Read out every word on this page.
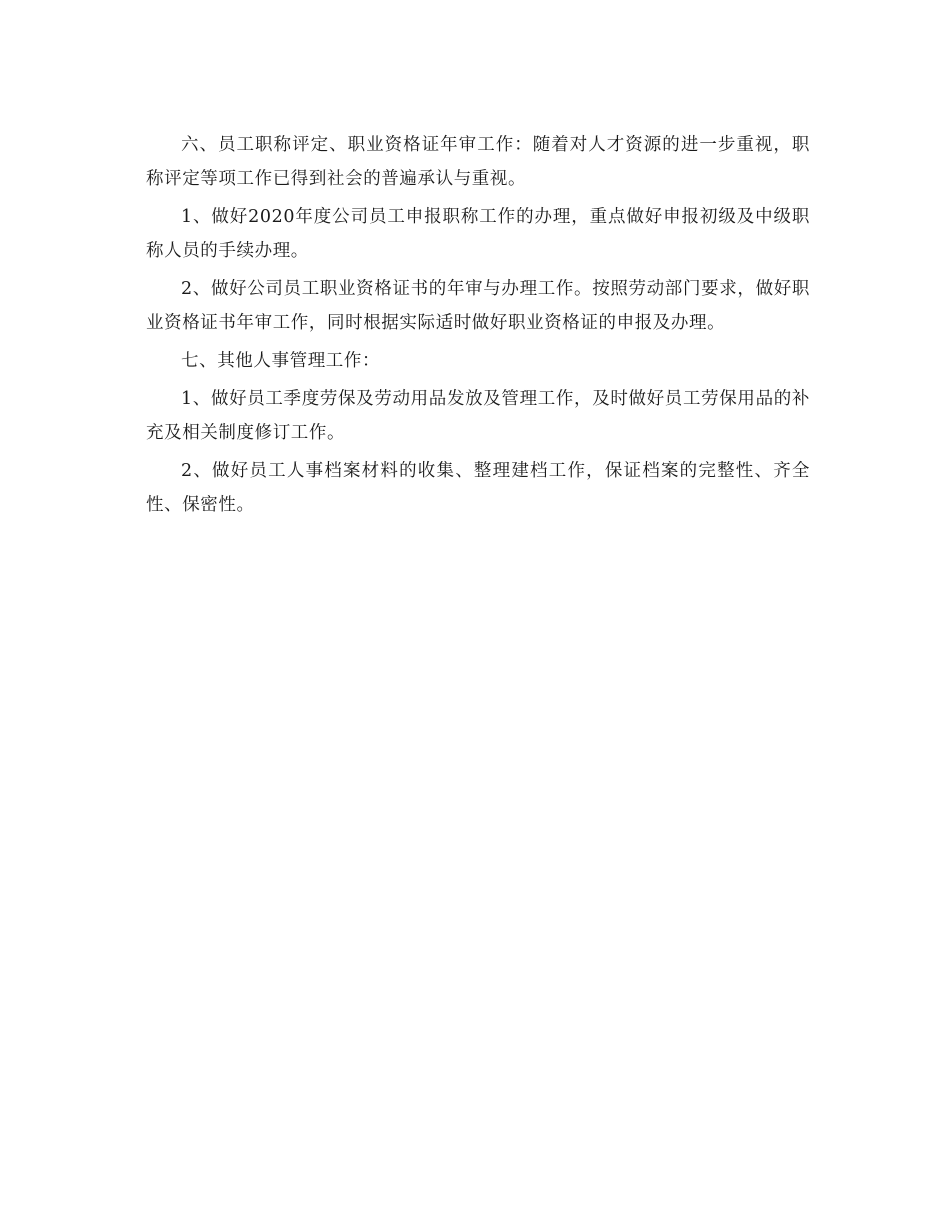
六、员工职称评定、职业资格证年审工作：随着对人才资源的进一步重视，职称评定等项工作已得到社会的普遍承认与重视。

1、做好2020年度公司员工申报职称工作的办理，重点做好申报初级及中级职称人员的手续办理。

2、做好公司员工职业资格证书的年审与办理工作。按照劳动部门要求，做好职业资格证书年审工作，同时根据实际适时做好职业资格证的申报及办理。

七、其他人事管理工作：

1、做好员工季度劳保及劳动用品发放及管理工作，及时做好员工劳保用品的补充及相关制度修订工作。

2、做好员工人事档案材料的收集、整理建档工作，保证档案的完整性、齐全性、保密性。
